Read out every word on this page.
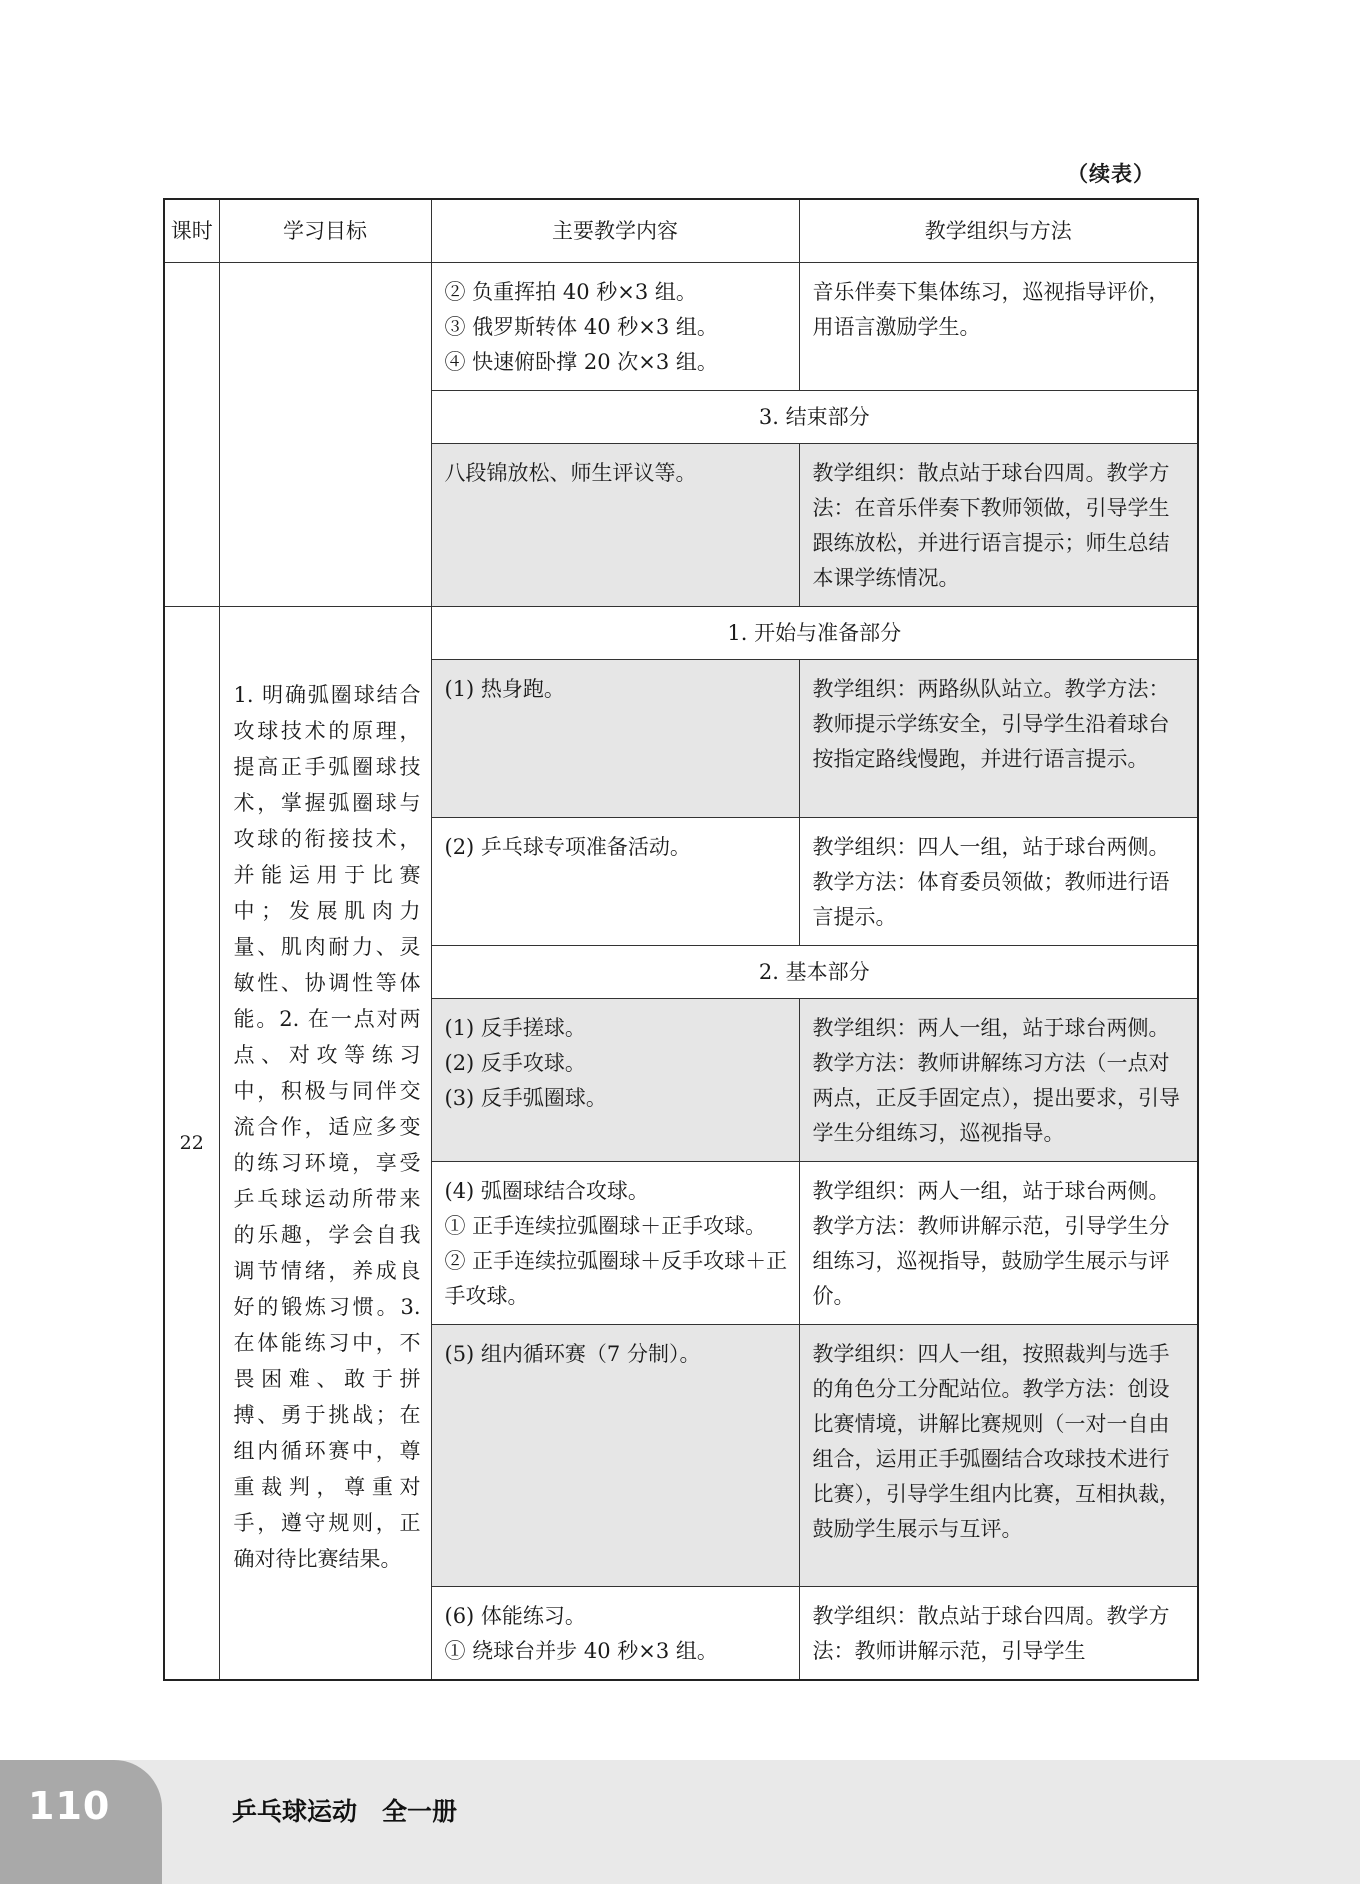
（续表）
课时	学习目标	主要教学内容	教学组织与方法

		② 负重挥拍 40 秒×3 组。
③ 俄罗斯转体 40 秒×3 组。
④ 快速俯卧撑 20 次×3 组。	音乐伴奏下集体练习，巡视指导评价，用语言激励学生。
		3. 结束部分	

		八段锦放松、师生评议等。	教学组织：散点站于球台四周。教学方法：在音乐伴奏下教师领做，引导学生跟练放松，并进行语言提示；师生总结本课学练情况。
22	1. 明确弧圈球结合攻球技术的原理，提高正手弧圈球技术，掌握弧圈球与攻球的衔接技术，并能运用于比赛中；发展肌肉力量、肌肉耐力、灵敏性、协调性等体能。2. 在一点对两点、对攻等练习中，积极与同伴交流合作，适应多变的练习环境，享受乒乓球运动所带来的乐趣，学会自我调节情绪，养成良好的锻炼习惯。3. 在体能练习中，不畏困难、敢于拼搏、勇于挑战；在组内循环赛中，尊重裁判，尊重对手，遵守规则，正确对待比赛结果。	1. 开始与准备部分	

		(1) 热身跑。	教学组织：两路纵队站立。教学方法：教师提示学练安全，引导学生沿着球台按指定路线慢跑，并进行语言提示。

		(2) 乒乓球专项准备活动。	教学组织：四人一组，站于球台两侧。教学方法：体育委员领做；教师进行语言提示。
		2. 基本部分	

		(1) 反手搓球。
(2) 反手攻球。
(3) 反手弧圈球。	教学组织：两人一组，站于球台两侧。教学方法：教师讲解练习方法（一点对两点，正反手固定点），提出要求，引导学生分组练习，巡视指导。

		(4) 弧圈球结合攻球。
① 正手连续拉弧圈球＋正手攻球。
② 正手连续拉弧圈球＋反手攻球＋正手攻球。	教学组织：两人一组，站于球台两侧。教学方法：教师讲解示范，引导学生分组练习，巡视指导，鼓励学生展示与评价。

		(5) 组内循环赛（7 分制）。	教学组织：四人一组，按照裁判与选手的角色分工分配站位。教学方法：创设比赛情境，讲解比赛规则（一对一自由组合，运用正手弧圈结合攻球技术进行比赛），引导学生组内比赛，互相执裁，鼓励学生展示与互评。

		(6) 体能练习。
① 绕球台并步 40 秒×3 组。	教学组织：散点站于球台四周。教学方法：教师讲解示范，引导学生
110	乒乓球运动　全一册
